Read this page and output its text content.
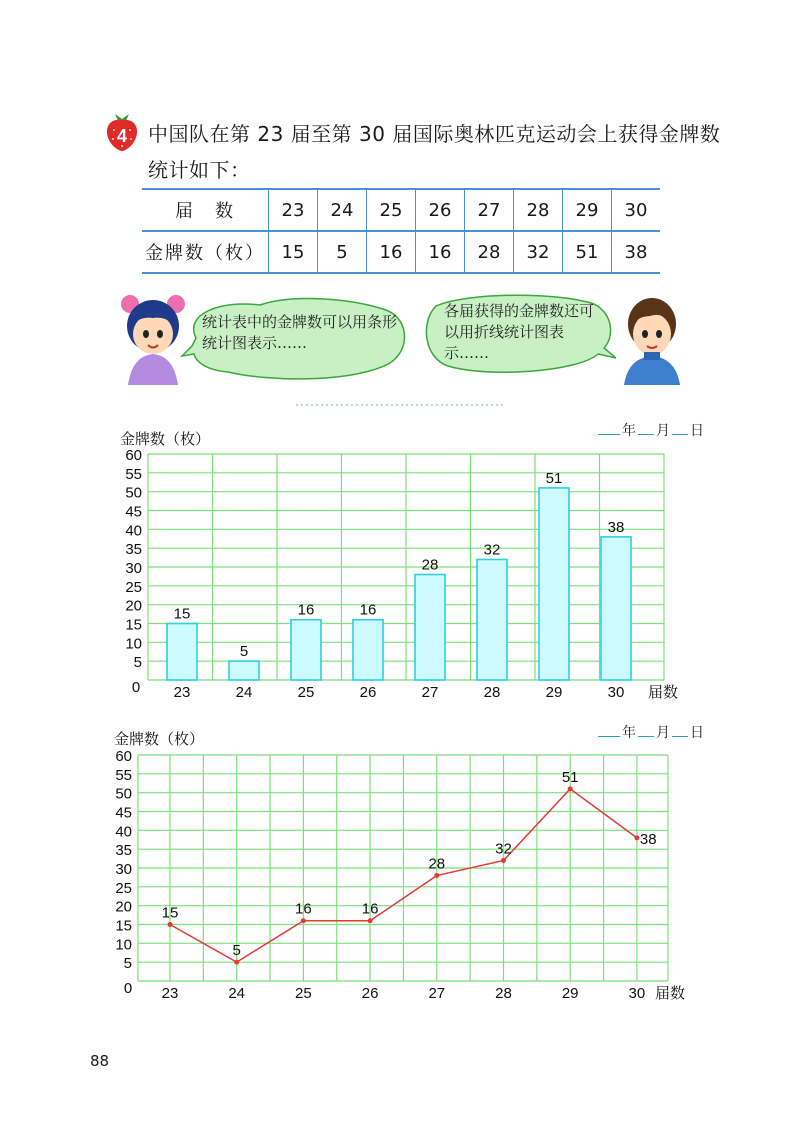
4 中国队在第 23 届至第 30 届国际奥林匹克运动会上获得金牌数统计如下：
届　数	23	24	25	26	27	28	29	30
金牌数（枚）	15	5	16	16	28	32	51	38
统计表中的金牌数可以用条形统计图表示……
各届获得的金牌数还可以用折线统计图表示……
金牌数（枚）	年 月 日
0
5
10
15
20
25
30
35
40
45
50
55
60
23	24	25	26	27	28	29	30 届数
15
5
16	16
28
32
51
38
金牌数（枚）	年 月 日
0
5
10
15
20
25
30
35
40
45
50
55
60
23	24	25	26	27	28	29	30 届数
15
5
16	16
28
32
51
38
88
